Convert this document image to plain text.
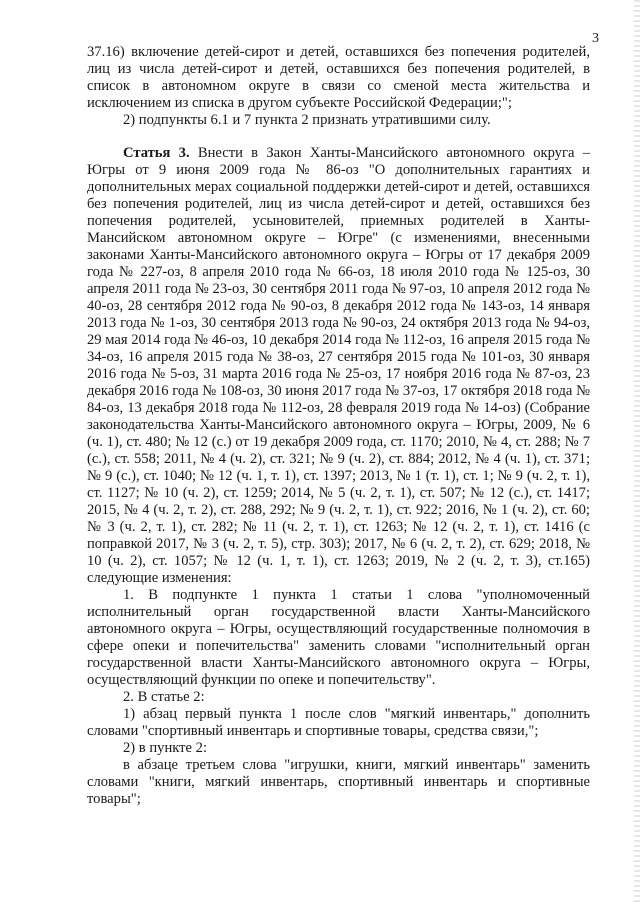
3

37.16) включение детей-сирот и детей, оставшихся без попечения родителей, лиц из числа детей-сирот и детей, оставшихся без попечения родителей, в список в автономном округе в связи со сменой места жительства и исключением из списка в другом субъекте Российской Федерации;";

2) подпункты 6.1 и 7 пункта 2 признать утратившими силу.

Статья 3. Внести в Закон Ханты-Мансийского автономного округа – Югры от 9 июня 2009 года № 86-оз "О дополнительных гарантиях и дополнительных мерах социальной поддержки детей-сирот и детей, оставшихся без попечения родителей, лиц из числа детей-сирот и детей, оставшихся без попечения родителей, усыновителей, приемных родителей в Ханты-Мансийском автономном округе – Югре" (с изменениями, внесенными законами Ханты-Мансийского автономного округа – Югры от 17 декабря 2009 года № 227-оз, 8 апреля 2010 года № 66-оз, 18 июля 2010 года № 125-оз, 30 апреля 2011 года № 23-оз, 30 сентября 2011 года № 97-оз, 10 апреля 2012 года № 40-оз, 28 сентября 2012 года № 90-оз, 8 декабря 2012 года № 143-оз, 14 января 2013 года № 1-оз, 30 сентября 2013 года № 90-оз, 24 октября 2013 года № 94-оз, 29 мая 2014 года № 46-оз, 10 декабря 2014 года № 112-оз, 16 апреля 2015 года № 34-оз, 16 апреля 2015 года № 38-оз, 27 сентября 2015 года № 101-оз, 30 января 2016 года № 5-оз, 31 марта 2016 года № 25-оз, 17 ноября 2016 года № 87-оз, 23 декабря 2016 года № 108-оз, 30 июня 2017 года № 37-оз, 17 октября 2018 года № 84-оз, 13 декабря 2018 года № 112-оз, 28 февраля 2019 года № 14-оз) (Собрание законодательства Ханты-Мансийского автономного округа – Югры, 2009, № 6 (ч. 1), ст. 480; № 12 (с.) от 19 декабря 2009 года, ст. 1170; 2010, № 4, ст. 288; № 7 (с.), ст. 558; 2011, № 4 (ч. 2), ст. 321; № 9 (ч. 2), ст. 884; 2012, № 4 (ч. 1), ст. 371; № 9 (с.), ст. 1040; № 12 (ч. 1, т. 1), ст. 1397; 2013, № 1 (т. 1), ст. 1; № 9 (ч. 2, т. 1), ст. 1127; № 10 (ч. 2), ст. 1259; 2014, № 5 (ч. 2, т. 1), ст. 507; № 12 (с.), ст. 1417; 2015, № 4 (ч. 2, т. 2), ст. 288, 292; № 9 (ч. 2, т. 1), ст. 922; 2016, № 1 (ч. 2), ст. 60; № 3 (ч. 2, т. 1), ст. 282; № 11 (ч. 2, т. 1), ст. 1263; № 12 (ч. 2, т. 1), ст. 1416 (с поправкой 2017, № 3 (ч. 2, т. 5), стр. 303); 2017, № 6 (ч. 2, т. 2), ст. 629; 2018, № 10 (ч. 2), ст. 1057; № 12 (ч. 1, т. 1), ст. 1263; 2019, № 2 (ч. 2, т. 3), ст.165) следующие изменения:

1. В подпункте 1 пункта 1 статьи 1 слова "уполномоченный исполнительный орган государственной власти Ханты-Мансийского автономного округа – Югры, осуществляющий государственные полномочия в сфере опеки и попечительства" заменить словами "исполнительный орган государственной власти Ханты-Мансийского автономного округа – Югры, осуществляющий функции по опеке и попечительству".

2. В статье 2:

1) абзац первый пункта 1 после слов "мягкий инвентарь," дополнить словами "спортивный инвентарь и спортивные товары, средства связи,";

2) в пункте 2:

в абзаце третьем слова "игрушки, книги, мягкий инвентарь" заменить словами "книги, мягкий инвентарь, спортивный инвентарь и спортивные товары";
